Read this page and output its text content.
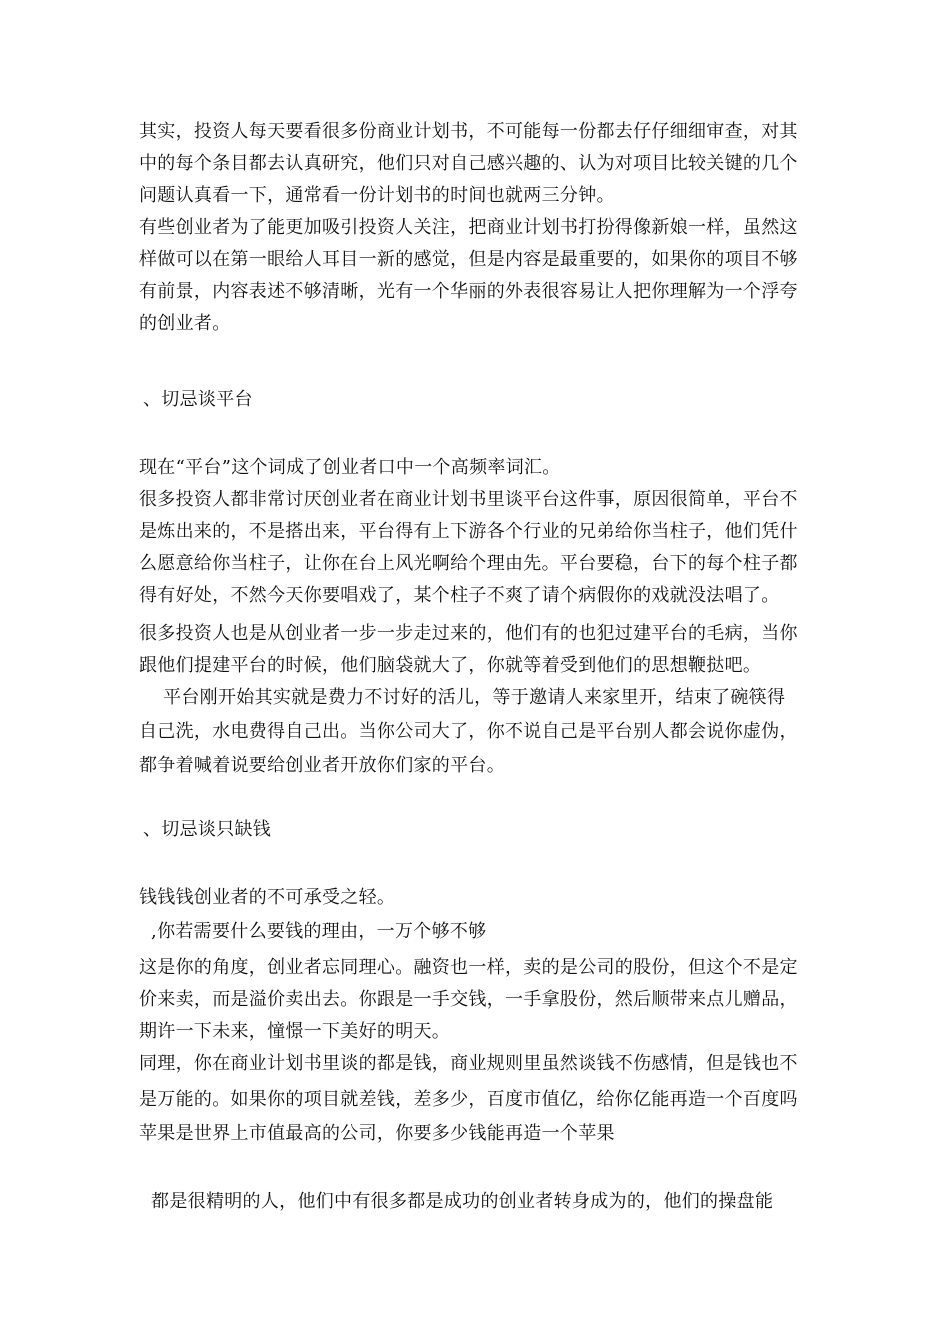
其实，投资人每天要看很多份商业计划书，不可能每一份都去仔仔细细审查，对其
中的每个条目都去认真研究，他们只对自己感兴趣的、认为对项目比较关键的几个
问题认真看一下，通常看一份计划书的时间也就两三分钟。
有些创业者为了能更加吸引投资人关注，把商业计划书打扮得像新娘一样，虽然这
样做可以在第一眼给人耳目一新的感觉，但是内容是最重要的，如果你的项目不够
有前景，内容表述不够清晰，光有一个华丽的外表很容易让人把你理解为一个浮夸
的创业者。
、切忌谈平台
现在“平台”这个词成了创业者口中一个高频率词汇。
很多投资人都非常讨厌创业者在商业计划书里谈平台这件事，原因很简单，平台不
是炼出来的，不是搭出来，平台得有上下游各个行业的兄弟给你当柱子，他们凭什
么愿意给你当柱子，让你在台上风光啊给个理由先。平台要稳，台下的每个柱子都
得有好处，不然今天你要唱戏了，某个柱子不爽了请个病假你的戏就没法唱了。
很多投资人也是从创业者一步一步走过来的，他们有的也犯过建平台的毛病，当你
跟他们提建平台的时候，他们脑袋就大了，你就等着受到他们的思想鞭挞吧。
平台刚开始其实就是费力不讨好的活儿，等于邀请人来家里开，结束了碗筷得
自己洗，水电费得自己出。当你公司大了，你不说自己是平台别人都会说你虚伪，
都争着喊着说要给创业者开放你们家的平台。
、切忌谈只缺钱
钱钱钱创业者的不可承受之轻。
,你若需要什么要钱的理由，一万个够不够
这是你的角度，创业者忘同理心。融资也一样，卖的是公司的股份，但这个不是定
价来卖，而是溢价卖出去。你跟是一手交钱，一手拿股份，然后顺带来点儿赠品，
期许一下未来，憧憬一下美好的明天。
同理，你在商业计划书里谈的都是钱，商业规则里虽然谈钱不伤感情，但是钱也不
是万能的。如果你的项目就差钱，差多少，百度市值亿，给你亿能再造一个百度吗
苹果是世界上市值最高的公司，你要多少钱能再造一个苹果
都是很精明的人，他们中有很多都是成功的创业者转身成为的，他们的操盘能
